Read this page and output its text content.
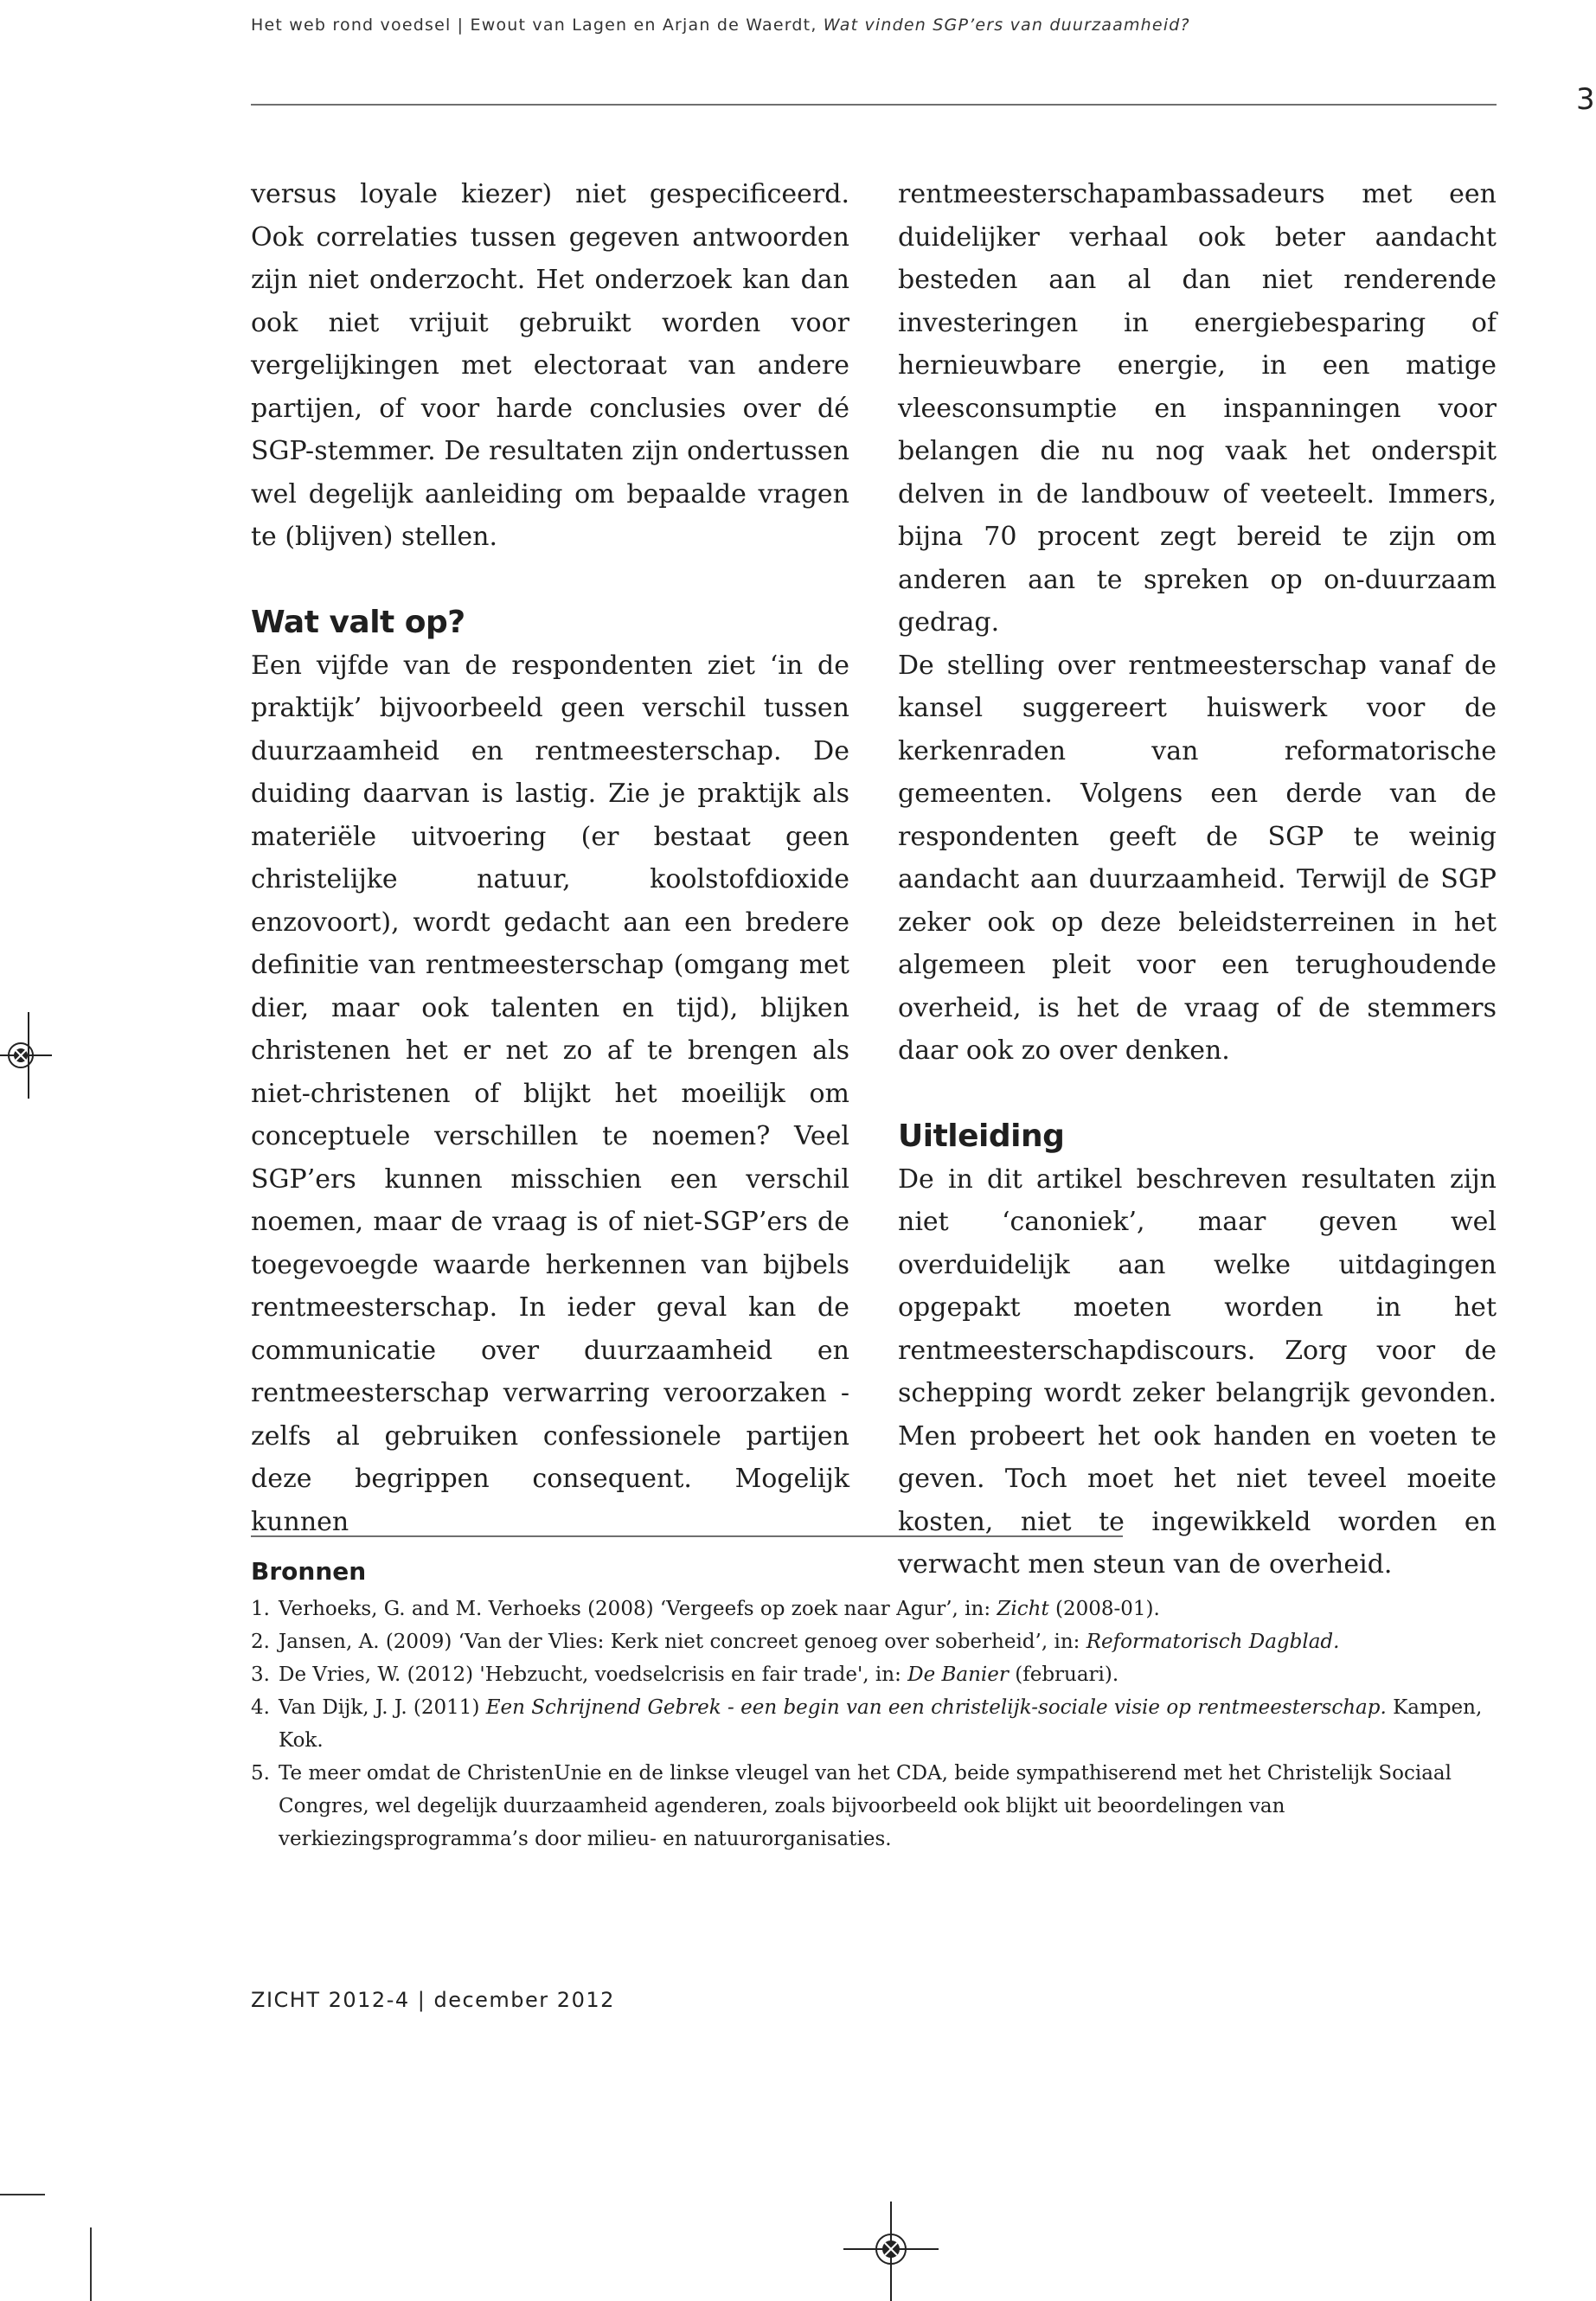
Het web rond voedsel | Ewout van Lagen en Arjan de Waerdt, Wat vinden SGP’ers van duurzaamheid?
3

versus loyale kiezer) niet gespecificeerd. Ook correlaties tussen gegeven antwoorden zijn niet onderzocht. Het onderzoek kan dan ook niet vrijuit gebruikt worden voor vergelijkingen met electoraat van andere partijen, of voor harde conclusies over dé SGP-stemmer. De resultaten zijn ondertussen wel degelijk aanleiding om bepaalde vragen te (blijven) stellen.

Wat valt op?

Een vijfde van de respondenten ziet ‘in de praktijk’ bijvoorbeeld geen verschil tussen duurzaamheid en rentmeesterschap. De duiding daarvan is lastig. Zie je praktijk als materiële uitvoering (er bestaat geen christelijke natuur, koolstofdioxide enzovoort), wordt gedacht aan een bredere definitie van rentmeesterschap (omgang met dier, maar ook talenten en tijd), blijken christenen het er net zo af te brengen als niet-christenen of blijkt het moeilijk om conceptuele verschillen te noemen? Veel SGP’ers kunnen misschien een verschil noemen, maar de vraag is of niet-SGP’ers de toegevoegde waarde herkennen van bijbels rentmeesterschap. In ieder geval kan de communicatie over duurzaamheid en rentmeesterschap verwarring veroorzaken - zelfs al gebruiken confessionele partijen deze begrippen consequent. Mogelijk kunnen

rentmeesterschapambassadeurs met een duidelijker verhaal ook beter aandacht besteden aan al dan niet renderende investeringen in energiebesparing of hernieuwbare energie, in een matige vleesconsumptie en inspanningen voor belangen die nu nog vaak het onderspit delven in de landbouw of veeteelt. Immers, bijna 70 procent zegt bereid te zijn om anderen aan te spreken op on-duurzaam gedrag.

De stelling over rentmeesterschap vanaf de kansel suggereert huiswerk voor de kerkenraden van reformatorische gemeenten. Volgens een derde van de respondenten geeft de SGP te weinig aandacht aan duurzaamheid. Terwijl de SGP zeker ook op deze beleidsterreinen in het algemeen pleit voor een terughoudende overheid, is het de vraag of de stemmers daar ook zo over denken.

Uitleiding

De in dit artikel beschreven resultaten zijn niet ‘canoniek’, maar geven wel overduidelijk aan welke uitdagingen opgepakt moeten worden in het rentmeesterschapdiscours. Zorg voor de schepping wordt zeker belangrijk gevonden. Men probeert het ook handen en voeten te geven. Toch moet het niet teveel moeite kosten, niet te ingewikkeld worden en verwacht men steun van de overheid.

Bronnen
1. Verhoeks, G. and M. Verhoeks (2008) ‘Vergeefs op zoek naar Agur’, in: Zicht (2008-01).
2. Jansen, A. (2009) ‘Van der Vlies: Kerk niet concreet genoeg over soberheid’, in: Reformatorisch Dagblad.
3. De Vries, W. (2012) 'Hebzucht, voedselcrisis en fair trade', in: De Banier (februari).
4. Van Dijk, J. J. (2011) Een Schrijnend Gebrek - een begin van een christelijk-sociale visie op rentmeesterschap. Kampen, Kok.
5. Te meer omdat de ChristenUnie en de linkse vleugel van het CDA, beide sympathiserend met het Christelijk Sociaal Congres, wel degelijk duurzaamheid agenderen, zoals bijvoorbeeld ook blijkt uit beoordelingen van verkiezingsprogramma’s door milieu- en natuurorganisaties.
ZICHT 2012-4 | december 2012
